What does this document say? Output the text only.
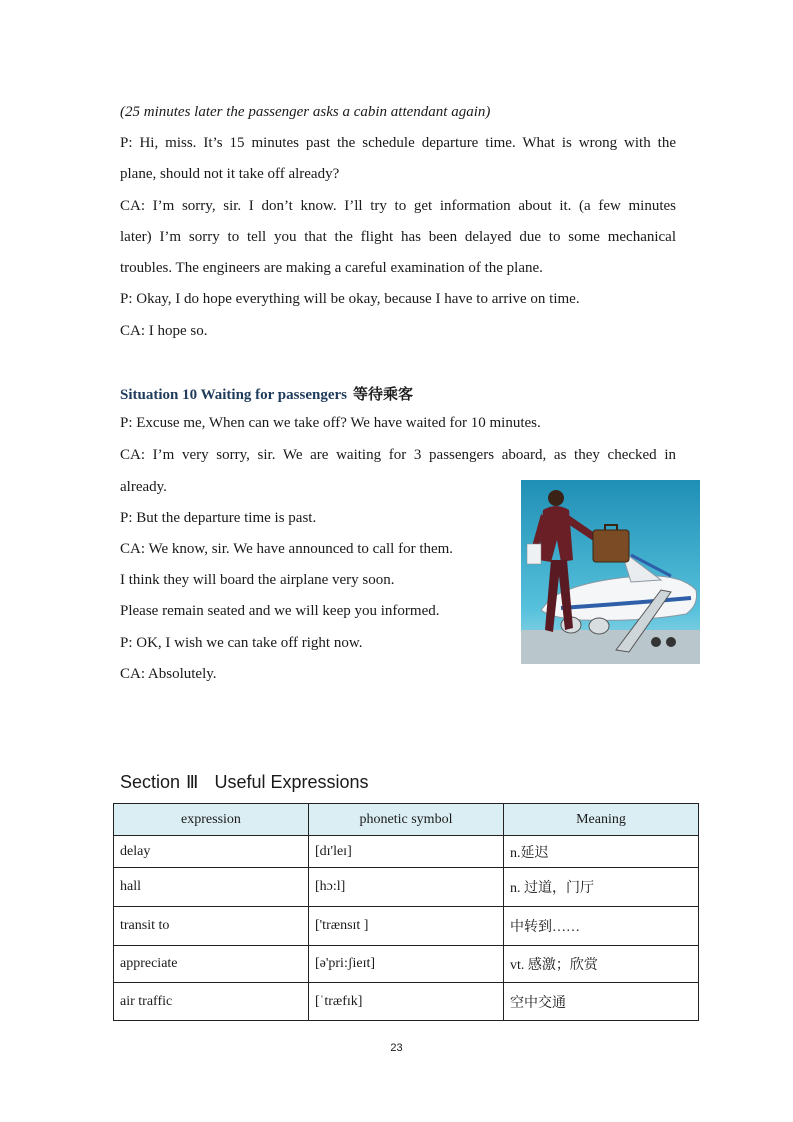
(25 minutes later the passenger asks a cabin attendant again)
P: Hi, miss. It’s 15 minutes past the schedule departure time. What is wrong with the
plane, should not it take off already?
CA: I’m sorry, sir. I don’t know. I’ll try to get information about it. (a few minutes
later) I’m sorry to tell you that the flight has been delayed due to some mechanical
troubles. The engineers are making a careful examination of the plane.
P: Okay, I do hope everything will be okay, because I have to arrive on time.
CA: I hope so.
Situation 10 Waiting for passengers 等待乘客
P: Excuse me, When can we take off? We have waited for 10 minutes.
CA: I’m very sorry, sir. We are waiting for 3 passengers aboard, as they checked in
already.
P: But the departure time is past.
CA: We know, sir. We have announced to call for them.
I think they will board the airplane very soon.
Please remain seated and we will keep you informed.
P: OK, I wish we can take off right now.
CA: Absolutely.
Section Ⅲ Useful Expressions
expression	phonetic symbol	Meaning
delay	[dɪ'leɪ]	n.延迟
hall	[hɔ:l]	n. 过道，门厅
transit to	['trænsɪt ]	中转到……
appreciate	[ə'pri:ʃieɪt]	vt. 感激；欣赏
air traffic	[ˈtræfɪk]	空中交通
23
